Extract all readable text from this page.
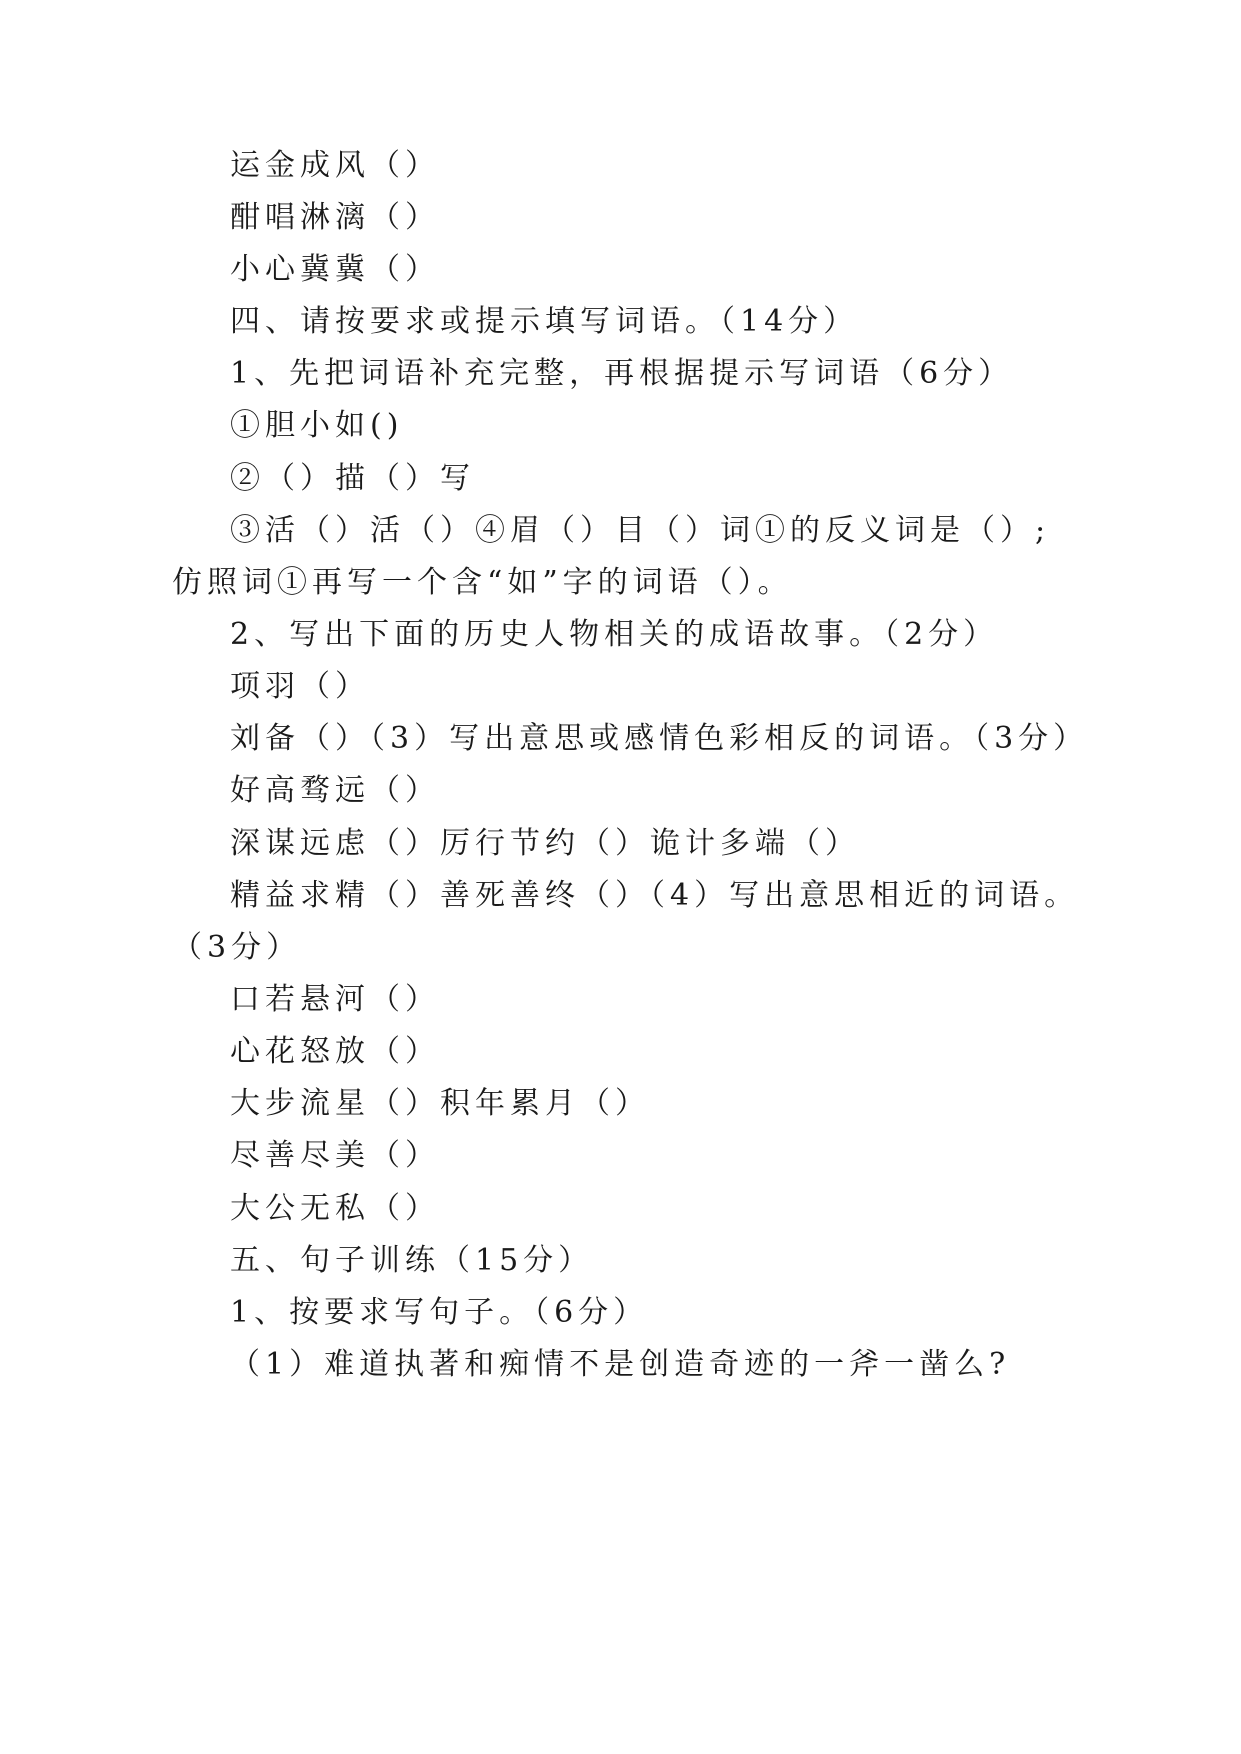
运金成风（）
酣唱淋漓（）
小心冀冀（）
四、请按要求或提示填写词语。（14分）
1、先把词语补充完整，再根据提示写词语（6分）
①胆小如()
②（）描（）写
③活（）活（）④眉（）目（）词①的反义词是（）;
仿照词①再写一个含“如”字的词语（）。
2、写出下面的历史人物相关的成语故事。（2分）
项羽（）
刘备（）（3）写出意思或感情色彩相反的词语。（3分）
好高骛远（）
深谋远虑（）厉行节约（）诡计多端（）
精益求精（）善死善终（）（4）写出意思相近的词语。
（3分）
口若悬河（）
心花怒放（）
大步流星（）积年累月（）
尽善尽美（）
大公无私（）
五、句子训练（15分）
1、按要求写句子。（6分）
（1）难道执著和痴情不是创造奇迹的一斧一凿么?
